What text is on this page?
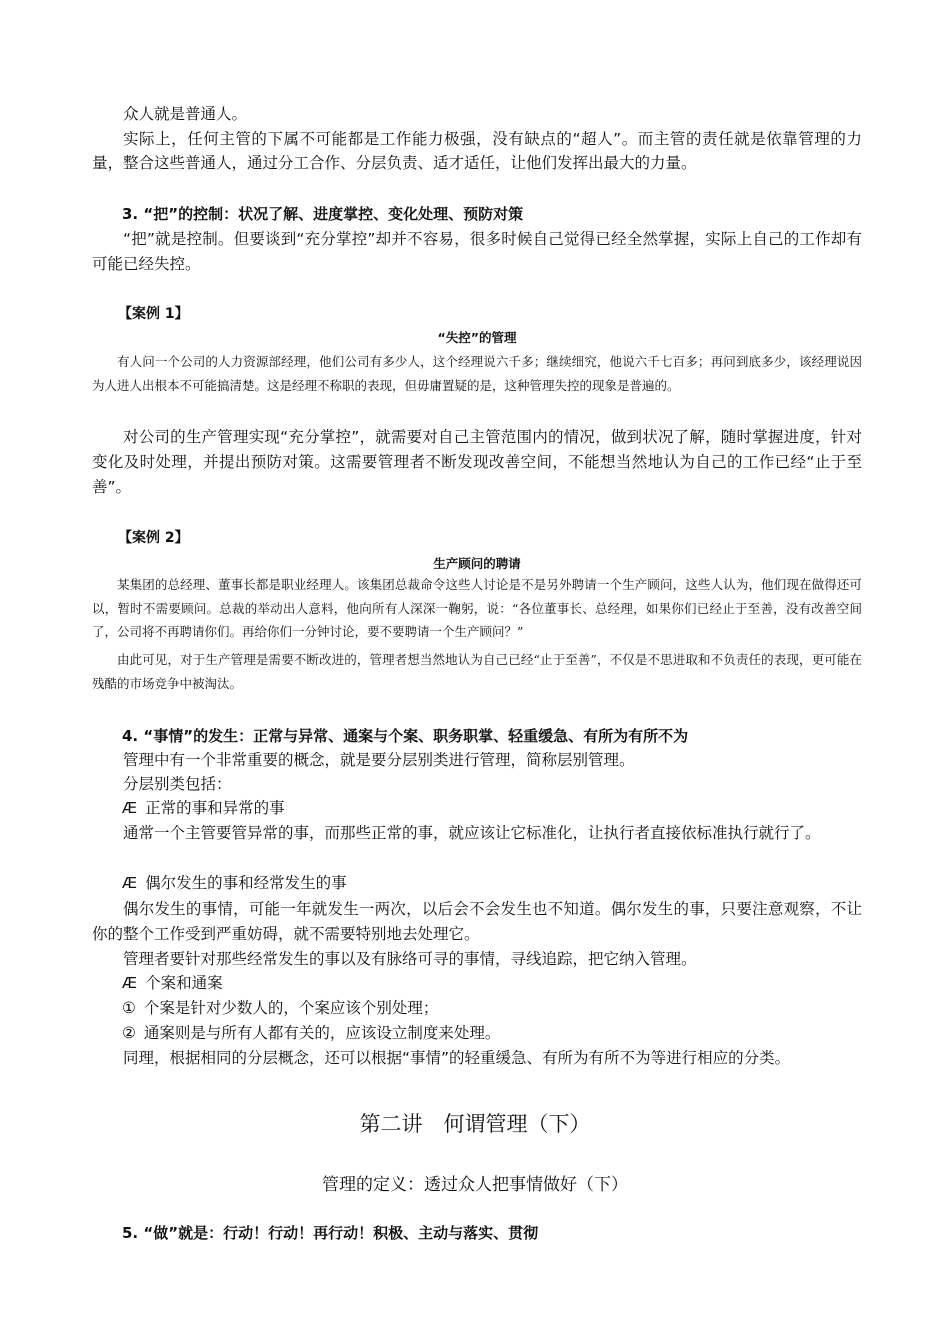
众人就是普通人。
实际上，任何主管的下属不可能都是工作能力极强，没有缺点的“超人”。而主管的责任就是依靠管理的力量，整合这些普通人，通过分工合作、分层负责、适才适任，让他们发挥出最大的力量。
3. “把”的控制：状况了解、进度掌控、变化处理、预防对策
“把”就是控制。但要谈到“充分掌控”却并不容易，很多时候自己觉得已经全然掌握，实际上自己的工作却有可能已经失控。
【案例 1】
“失控”的管理
有人问一个公司的人力资源部经理，他们公司有多少人，这个经理说六千多；继续细究，他说六千七百多；再问到底多少，该经理说因为人进人出根本不可能搞清楚。这是经理不称职的表现，但毋庸置疑的是，这种管理失控的现象是普遍的。
对公司的生产管理实现“充分掌控”，就需要对自己主管范围内的情况，做到状况了解，随时掌握进度，针对变化及时处理，并提出预防对策。这需要管理者不断发现改善空间，不能想当然地认为自己的工作已经“止于至善”。
【案例 2】
生产顾问的聘请
某集团的总经理、董事长都是职业经理人。该集团总裁命令这些人讨论是不是另外聘请一个生产顾问，这些人认为，他们现在做得还可以，暂时不需要顾问。总裁的举动出人意料，他向所有人深深一鞠躬，说：“各位董事长、总经理，如果你们已经止于至善，没有改善空间了，公司将不再聘请你们。再给你们一分钟讨论，要不要聘请一个生产顾问？”
由此可见，对于生产管理是需要不断改进的，管理者想当然地认为自己已经“止于至善”，不仅是不思进取和不负责任的表现，更可能在残酷的市场竞争中被淘汰。
4. “事情”的发生：正常与异常、通案与个案、职务职掌、轻重缓急、有所为有所不为
管理中有一个非常重要的概念，就是要分层别类进行管理，简称层别管理。
分层别类包括：
Æ 正常的事和异常的事
通常一个主管要管异常的事，而那些正常的事，就应该让它标准化，让执行者直接依标准执行就行了。
Æ 偶尔发生的事和经常发生的事
偶尔发生的事情，可能一年就发生一两次，以后会不会发生也不知道。偶尔发生的事，只要注意观察，不让你的整个工作受到严重妨碍，就不需要特别地去处理它。
管理者要针对那些经常发生的事以及有脉络可寻的事情，寻线追踪，把它纳入管理。
Æ 个案和通案
① 个案是针对少数人的，个案应该个别处理；
② 通案则是与所有人都有关的，应该设立制度来处理。
同理，根据相同的分层概念，还可以根据“事情”的轻重缓急、有所为有所不为等进行相应的分类。
第二讲　何谓管理（下）
管理的定义：透过众人把事情做好（下）
5. “做”就是：行动！行动！再行动！积极、主动与落实、贯彻
